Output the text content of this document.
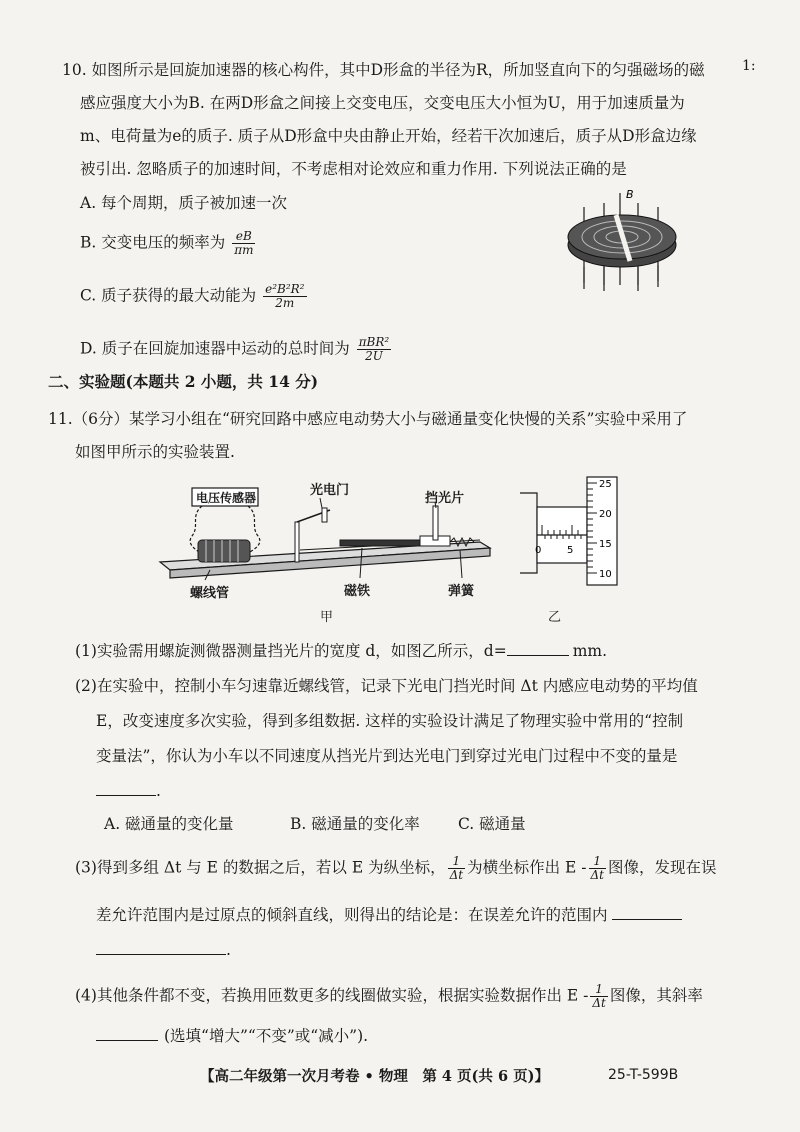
1:
10. 如图所示是回旋加速器的核心构件，其中D形盒的半径为R，所加竖直向下的匀强磁场的磁
感应强度大小为B. 在两D形盒之间接上交变电压，交变电压大小恒为U，用于加速质量为
m、电荷量为e的质子. 质子从D形盒中央由静止开始，经若干次加速后，质子从D形盒边缘
被引出. 忽略质子的加速时间，不考虑相对论效应和重力作用. 下列说法正确的是
A. 每个周期，质子被加速一次
B. 交变电压的频率为 $\frac{eB}{\pi m}$
C. 质子获得的最大动能为 $\frac{\text{e²B²R²}}{2m}$
D. 质子在回旋加速器中运动的总时间为 $\frac{\text{πBR²}}{2U}$
B
二、实验题(本题共 2 小题，共 14 分)
11.（6分）某学习小组在“研究回路中感应电动势大小与磁通量变化快慢的关系”实验中采用了
如图甲所示的实验装置.
电压传感器	光电门
挡光片
螺线管	磁铁	弹簧
甲
0	5
25
20
15
10
乙
(1)实验需用螺旋测微器测量挡光片的宽度 d，如图乙所示，d=	mm.
(2)在实验中，控制小车匀速靠近螺线管，记录下光电门挡光时间 Δt 内感应电动势的平均值
E，改变速度多次实验，得到多组数据. 这样的实验设计满足了物理实验中常用的“控制
变量法”，你认为小车以不同速度从挡光片到达光电门到穿过光电门过程中不变的量是
.
A. 磁通量的变化量	B. 磁通量的变化率 C. 磁通量
(3)得到多组 Δt 与 E 的数据之后，若以 E 为纵坐标， $\frac{1}{\Delta t}$ 为横坐标作出 E - $\frac{1}{\Delta t}$ 图像，发现在误
差允许范围内是过原点的倾斜直线，则得出的结论是：在误差允许的范围内
.
(4)其他条件都不变，若换用匝数更多的线圈做实验，根据实验数据作出 E - $\frac{1}{\Delta t}$ 图像，其斜率
(选填“增大”“不变”或“减小”).
【高二年级第一次月考卷 • 物理　第 4 页(共 6 页)】	25-T-599B
